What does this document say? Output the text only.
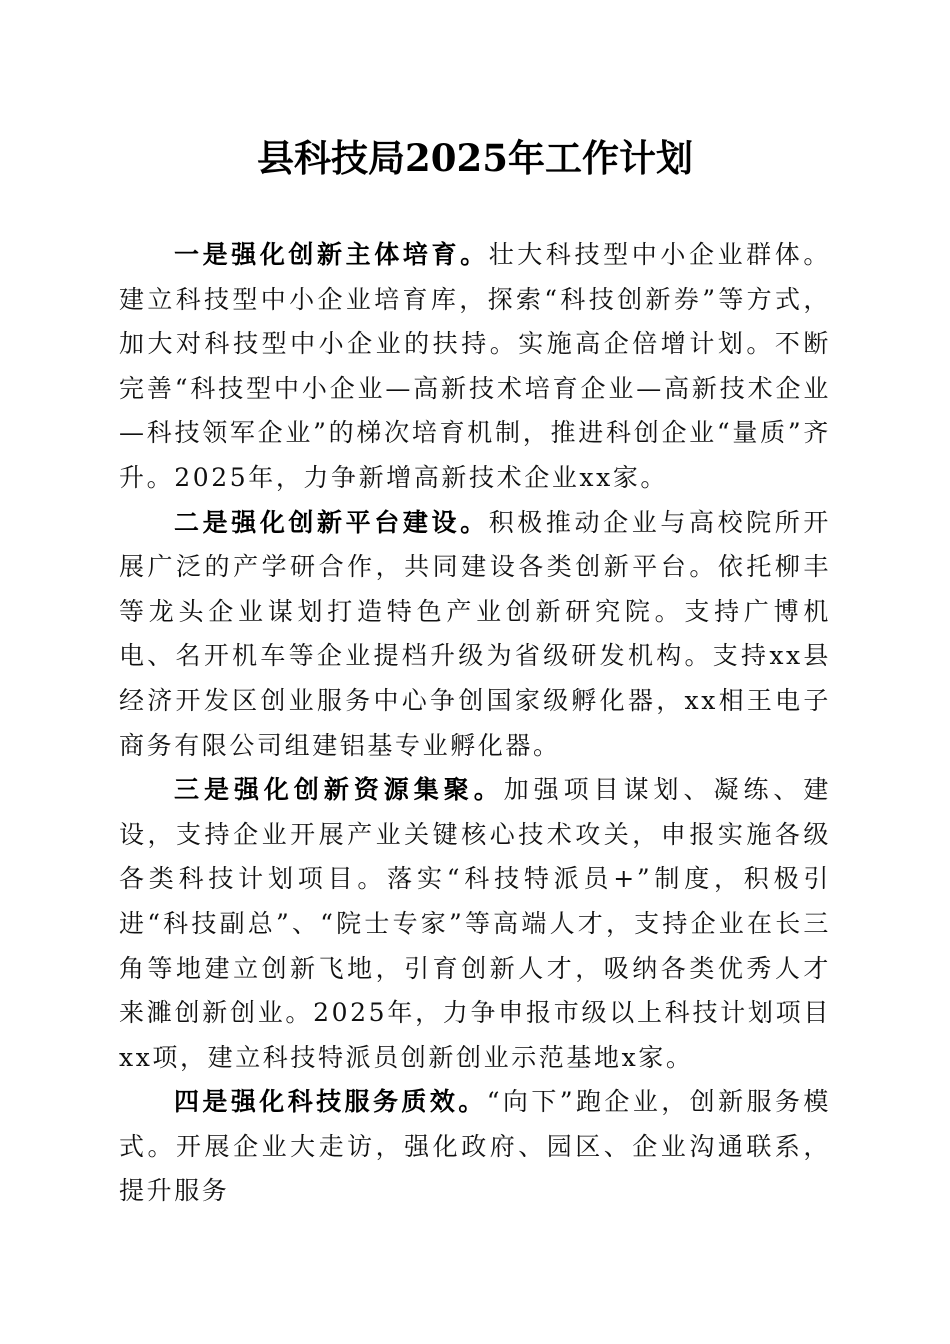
县科技局2025年工作计划

一是强化创新主体培育。壮大科技型中小企业群体。建立科技型中小企业培育库，探索“科技创新券”等方式，加大对科技型中小企业的扶持。实施高企倍增计划。不断完善“科技型中小企业—高新技术培育企业—高新技术企业—科技领军企业”的梯次培育机制，推进科创企业“量质”齐升。2025年，力争新增高新技术企业xx家。

二是强化创新平台建设。积极推动企业与高校院所开展广泛的产学研合作，共同建设各类创新平台。依托柳丰等龙头企业谋划打造特色产业创新研究院。支持广博机电、名开机车等企业提档升级为省级研发机构。支持xx县经济开发区创业服务中心争创国家级孵化器，xx相王电子商务有限公司组建铝基专业孵化器。

三是强化创新资源集聚。加强项目谋划、凝练、建设，支持企业开展产业关键核心技术攻关，申报实施各级各类科技计划项目。落实“科技特派员+”制度，积极引进“科技副总”、“院士专家”等高端人才，支持企业在长三角等地建立创新飞地，引育创新人才，吸纳各类优秀人才来濉创新创业。2025年，力争申报市级以上科技计划项目xx项，建立科技特派员创新创业示范基地x家。

四是强化科技服务质效。“向下”跑企业，创新服务模式。开展企业大走访，强化政府、园区、企业沟通联系，提升服务
